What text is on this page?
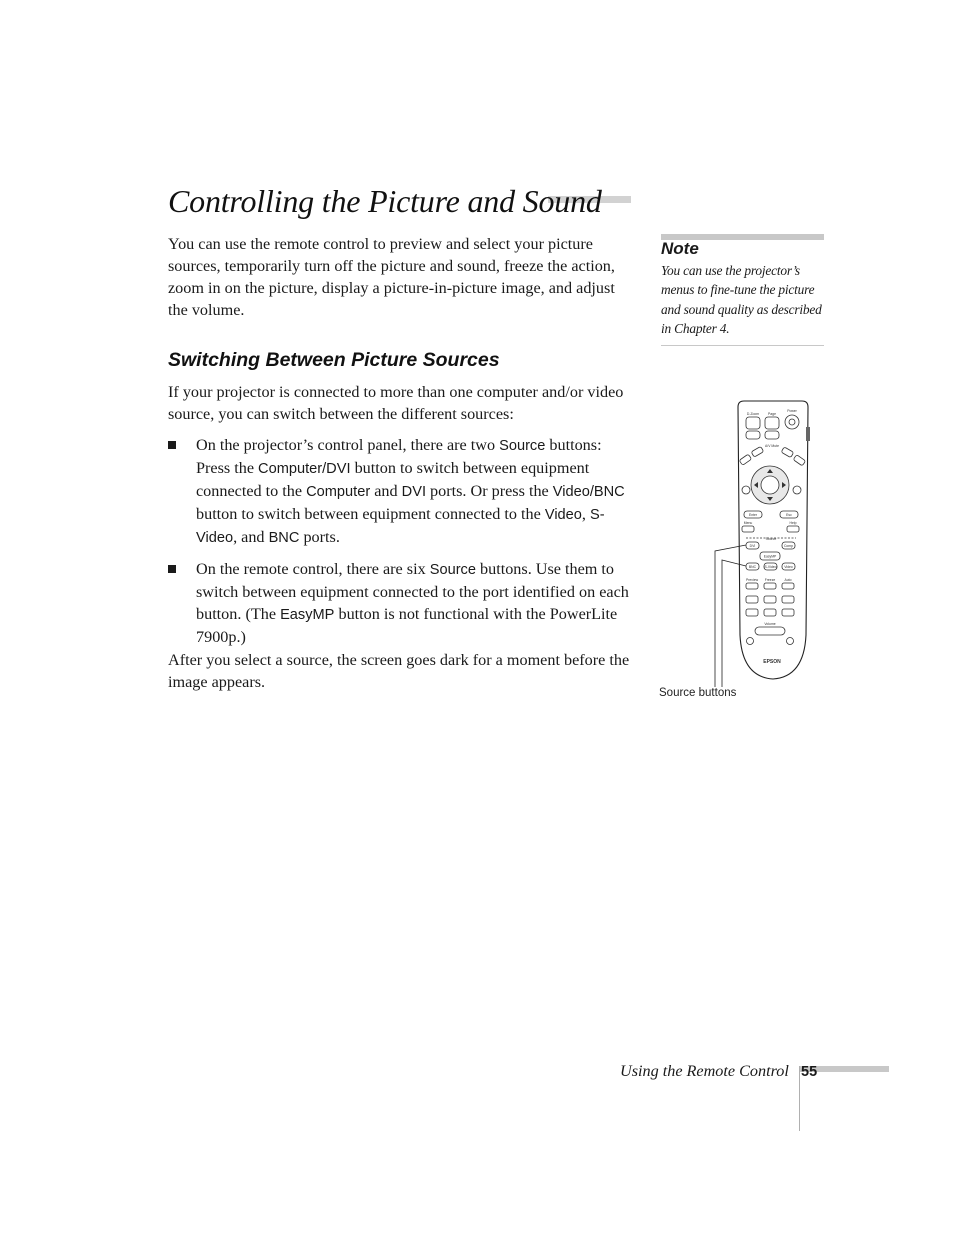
Controlling the Picture and Sound

You can use the remote control to preview and select your picture sources, temporarily turn off the picture and sound, freeze the action, zoom in on the picture, display a picture-in-picture image, and adjust the volume.

Switching Between Picture Sources

If your projector is connected to more than one computer and/or video source, you can switch between the different sources:

On the projector’s control panel, there are two Source buttons: Press the Computer/DVI button to switch between equipment connected to the Computer and DVI ports. Or press the Video/BNC button to switch between equipment connected to the Video, S-Video, and BNC ports.
On the remote control, there are six Source buttons. Use them to switch between equipment connected to the port identified on each button. (The EasyMP button is not functional with the PowerLite 7900p.)

After you select a source, the screen goes dark for a moment before the image appears.

Note

You can use the projector’s menus to fine-tune the picture and sound quality as described in Chapter 4.

D-Zoom	Page
Power
A/V Mute
Enter	Esc
Menu	Help
Source
DVI	Comp
EasyMP
BNC S-Video Video
Preview Freeze	Auto
Volume
EPSON

Source buttons

Using the Remote Control 55
